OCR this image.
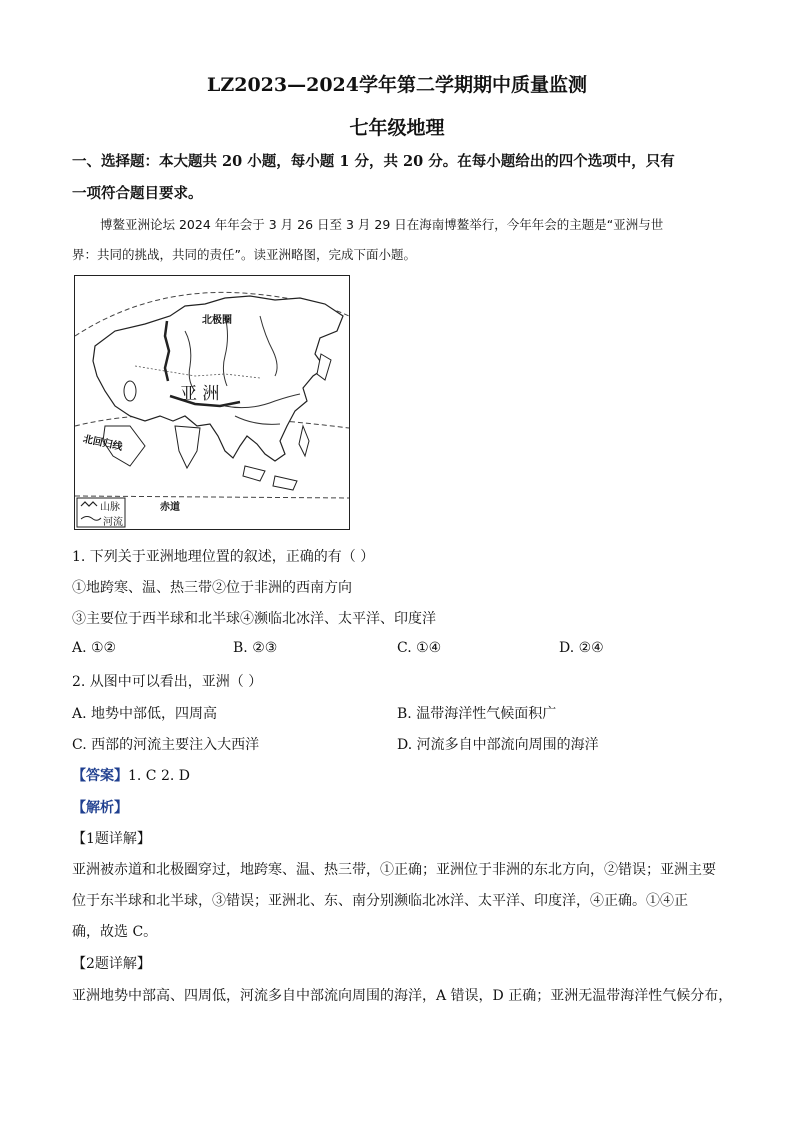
LZ2023—2024学年第二学期期中质量监测
七年级地理
一、选择题：本大题共 20 小题，每小题 1 分，共 20 分。在每小题给出的四个选项中，只有
一项符合题目要求。
博鳌亚洲论坛 2024 年年会于 3 月 26 日至 3 月 29 日在海南博鳌举行，今年年会的主题是“亚洲与世
界：共同的挑战，共同的责任”。读亚洲略图，完成下面小题。
北极圈
亚 洲
北回归线
赤道
山脉
河流
1. 下列关于亚洲地理位置的叙述，正确的有（ ）
①地跨寒、温、热三带②位于非洲的西南方向
③主要位于西半球和北半球④濒临北冰洋、太平洋、印度洋
A. ①②	B. ②③	C. ①④	D. ②④
2. 从图中可以看出，亚洲（ ）
A. 地势中部低，四周高	B. 温带海洋性气候面积广
C. 西部的河流主要注入大西洋	D. 河流多自中部流向周围的海洋
【答案】1. C 2. D
【解析】
【1题详解】
亚洲被赤道和北极圈穿过，地跨寒、温、热三带，①正确；亚洲位于非洲的东北方向，②错误；亚洲主要
位于东半球和北半球，③错误；亚洲北、东、南分别濒临北冰洋、太平洋、印度洋，④正确。①④正
确，故选 C。
【2题详解】
亚洲地势中部高、四周低，河流多自中部流向周围的海洋，A 错误，D 正确；亚洲无温带海洋性气候分布，
